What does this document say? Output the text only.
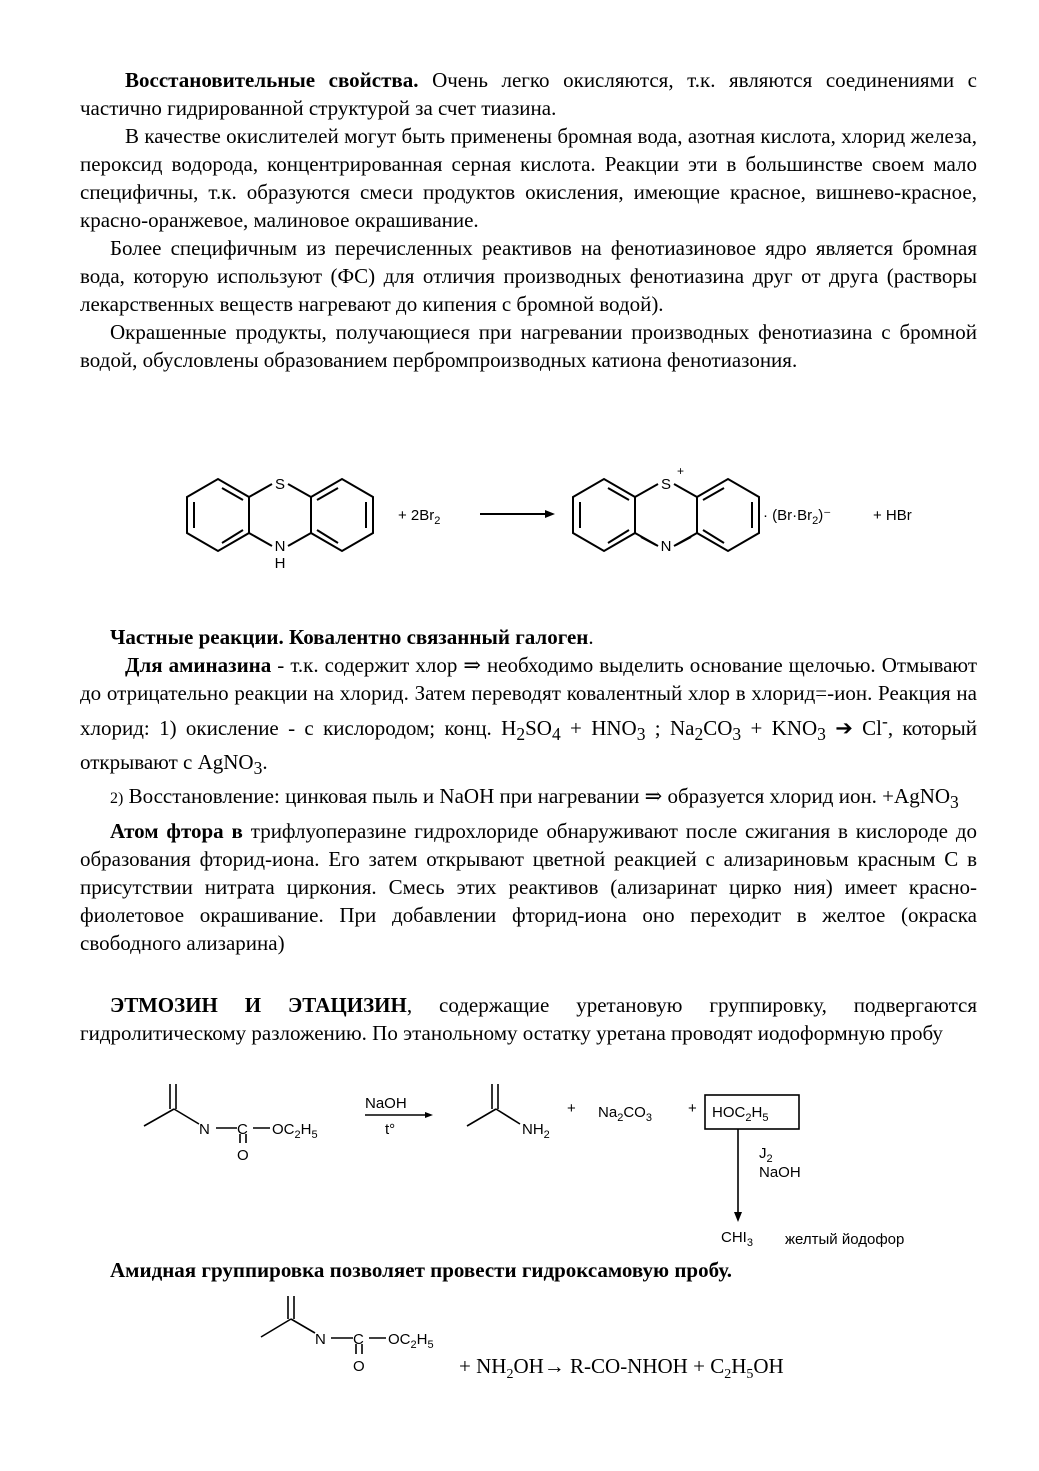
Восстановительные свойства. Очень легко окисляются, т.к. являются соединениями с частично гидрированной структурой за счет тиазина.

В качестве окислителей могут быть применены бромная вода, азотная кислота, хлорид железа, пероксид водорода, концентрированная серная кислота. Реакции эти в большинстве своем мало специфичны, т.к. образуются смеси продуктов окисления, имеющие красное, вишнево-красное, красно-оранжевое, малиновое окрашивание.

Более специфичным из перечисленных реактивов на фенотиазиновое ядро является бромная вода, которую используют (ФС) для отличия производных фенотиазина друг от друга (растворы лекарственных веществ нагревают до кипения с бромной водой).

Окрашенные продукты, получающиеся при нагревании производных фенотиазина с бромной водой, обусловлены образованием пербромпроизводных катиона фенотиазония.

S
N
H
+ $2Br_2$
S
+
N
· $(Br\cdot Br_2)^-$	+ HBr

Частные реакции. Ковалентно связанный галоген.

Для аминазина - т.к. содержит хлор ⇒ необходимо выделить основание щелочью. Отмывают до отрицательно реакции на хлорид. Затем переводят ковалентный хлор в хлорид=-ион. Реакция на хлорид: 1) окисление - с кислородом; конц. $H_2SO_4 + HNO_3$ ; $Na_2CO_3 + KNO_3$ ➔ Cl-, который открывают с AgNO$_3$.

2) Восстановление: цинковая пыль и NaOH при нагревании ⇒ образуется хлорид ион. +AgNO$_3$

Атом фтора в трифлуоперазине гидрохлориде обнаруживают после сжигания в кислороде до образования фторид-иона. Его затем открывают цветной реакцией с ализариновьм красным С в присутствии нитрата циркония. Смесь этих реактивов (ализаринат цирко ния) имеет красно-фиолетовое окрашивание. При добавлении фторид-иона оно переходит в желтое (окраска свободного ализарина)

ЭТМОЗИН И ЭТАЦИЗИН, содержащие уретановую группировку, подвергаются гидролитическому разложению. По этанольному остатку уретана проводят иодоформную пробу

N C $OC_2H_5$
O
NaOH
t°	$NH_2$
+ $Na_2CO_3$
+ $HOC_2H_5$
$J_2$
NaOH
$CHI_3$ желтый йодофор

Амидная группировка позволяет провести гидроксамовую пробу.

N C $OC_2H_5$
O	+ $NH_2OH\to$ R-CO-NHOH + $C_2H_5OH$
